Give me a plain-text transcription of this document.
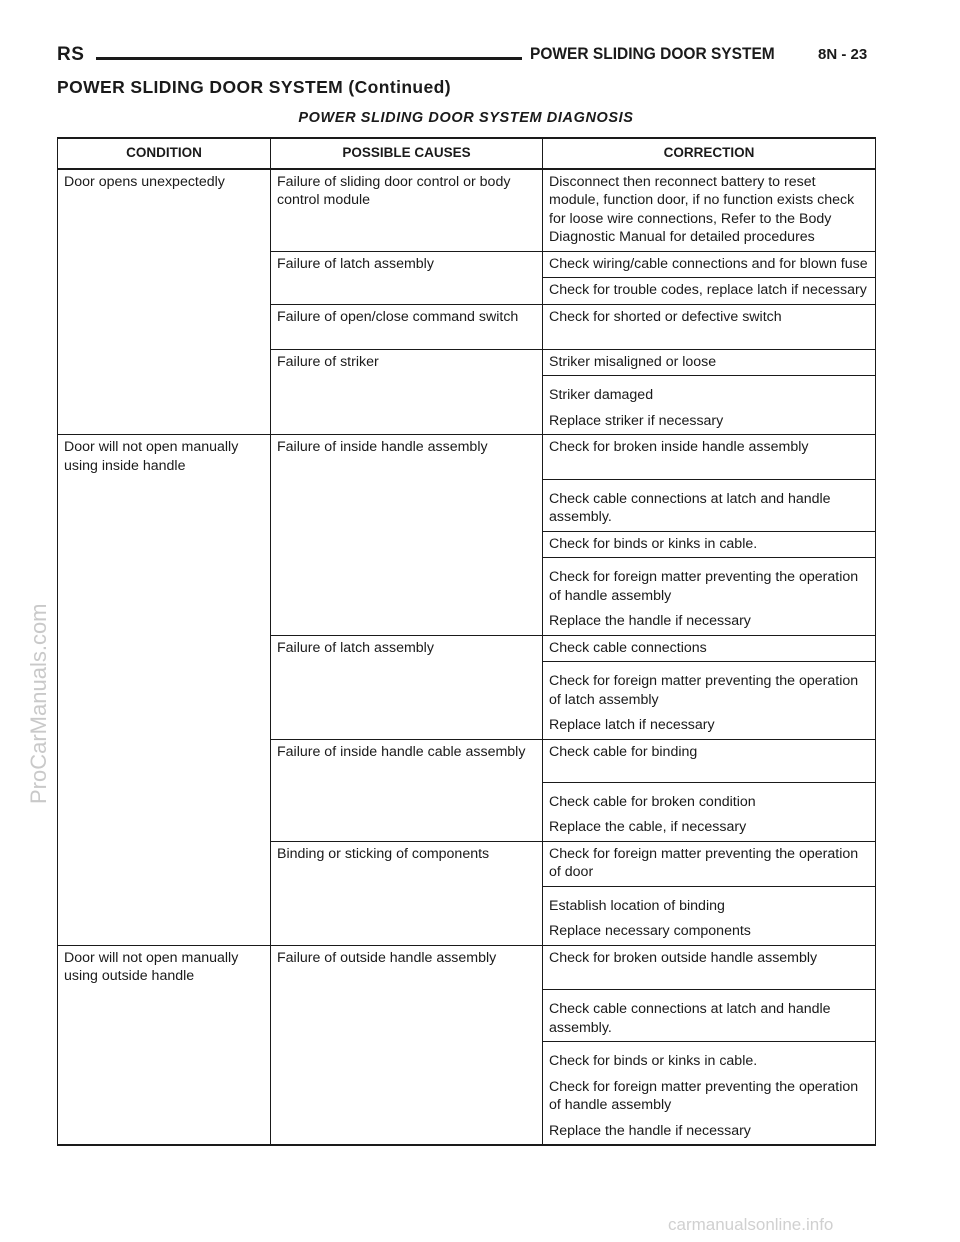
RS	POWER SLIDING DOOR SYSTEM	8N - 23
POWER SLIDING DOOR SYSTEM (Continued)
POWER SLIDING DOOR SYSTEM DIAGNOSIS
ProCarManuals.com
carmanualsonline.info
CONDITION	POSSIBLE CAUSES	CORRECTION
Door opens unexpectedly	Failure of sliding door control or body control module	Disconnect then reconnect battery to reset module, function door, if no function exists check for loose wire connections, Refer to the Body Diagnostic Manual for detailed procedures
	Failure of latch assembly	Check wiring/cable connections and for blown fuse
		Check for trouble codes, replace latch if necessary
	Failure of open/close command switch	Check for shorted or defective switch
	Failure of striker	Striker misaligned or loose
		Striker damaged
		Replace striker if necessary
Door will not open manually using inside handle	Failure of inside handle assembly	Check for broken inside handle assembly
		Check cable connections at latch and handle assembly.
		Check for binds or kinks in cable.
		Check for foreign matter preventing the operation of handle assembly
		Replace the handle if necessary
	Failure of latch assembly	Check cable connections
		Check for foreign matter preventing the operation of latch assembly
		Replace latch if necessary
	Failure of inside handle cable assembly	Check cable for binding
		Check cable for broken condition
		Replace the cable, if necessary
	Binding or sticking of components	Check for foreign matter preventing the operation of door
		Establish location of binding
		Replace necessary components
Door will not open manually using outside handle	Failure of outside handle assembly	Check for broken outside handle assembly
		Check cable connections at latch and handle assembly.
		Check for binds or kinks in cable.
		Check for foreign matter preventing the operation of handle assembly
		Replace the handle if necessary
